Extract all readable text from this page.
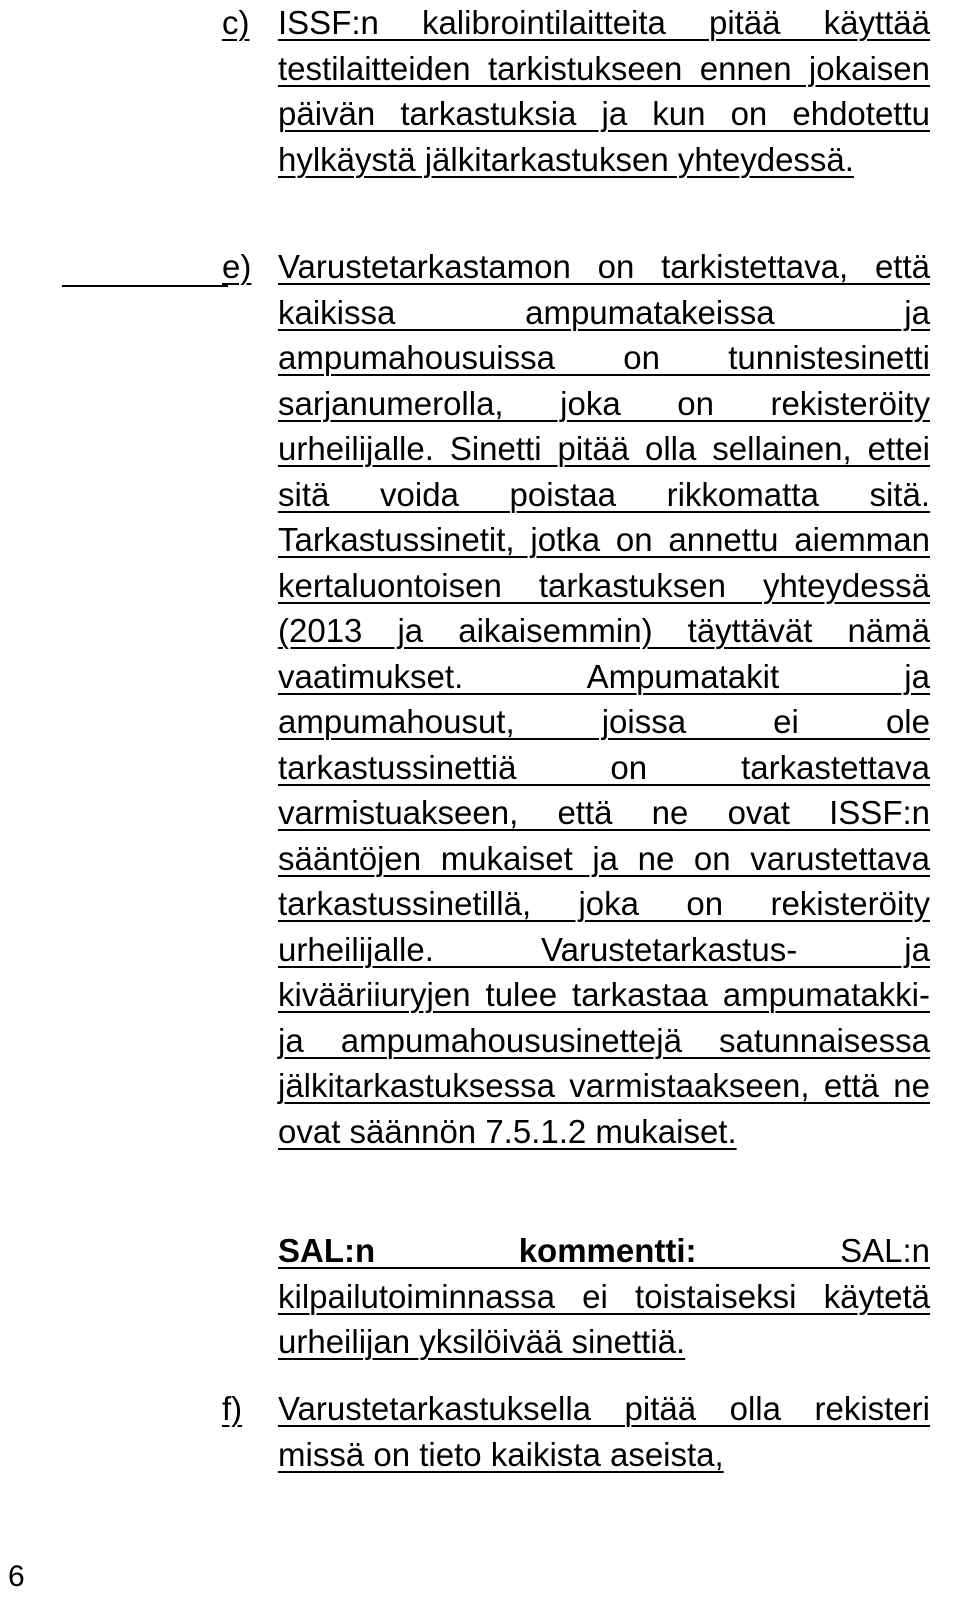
c) ISSF:n kalibrointilaitteita pitää käyttää testilaitteiden tarkistukseen ennen jokaisen päivän tarkastuksia ja kun on ehdotettu hylkäystä jälkitarkastuksen yhteydessä.
e) Varustetarkastamon on tarkistettava, että kaikissa ampumatakeissa ja ampumahousuissa on tunnistesinetti sarjanumerolla, joka on rekisteröity urheilijalle. Sinetti pitää olla sellainen, ettei sitä voida poistaa rikkomatta sitä. Tarkastussinetit, jotka on annettu aiemman kertaluontoisen tarkastuksen yhteydessä (2013 ja aikaisemmin) täyttävät nämä vaatimukset. Ampumatakit ja ampumahousut, joissa ei ole tarkastussinettiä on tarkastettava varmistuakseen, että ne ovat ISSF:n sääntöjen mukaiset ja ne on varustettava tarkastussinetillä, joka on rekisteröity urheilijalle. Varustetarkastus- ja kivääriiuryjen tulee tarkastaa ampumatakki- ja ampumahoususinettejä satunnaisessa jälkitarkastuksessa varmistaakseen, että ne ovat säännön 7.5.1.2 mukaiset.
SAL:n kommentti: SAL:n kilpailutoiminnassa ei toistaiseksi käytetä urheilijan yksilöivää sinettiä.
f) Varustetarkastuksella pitää olla rekisteri missä on tieto kaikista aseista,
6
